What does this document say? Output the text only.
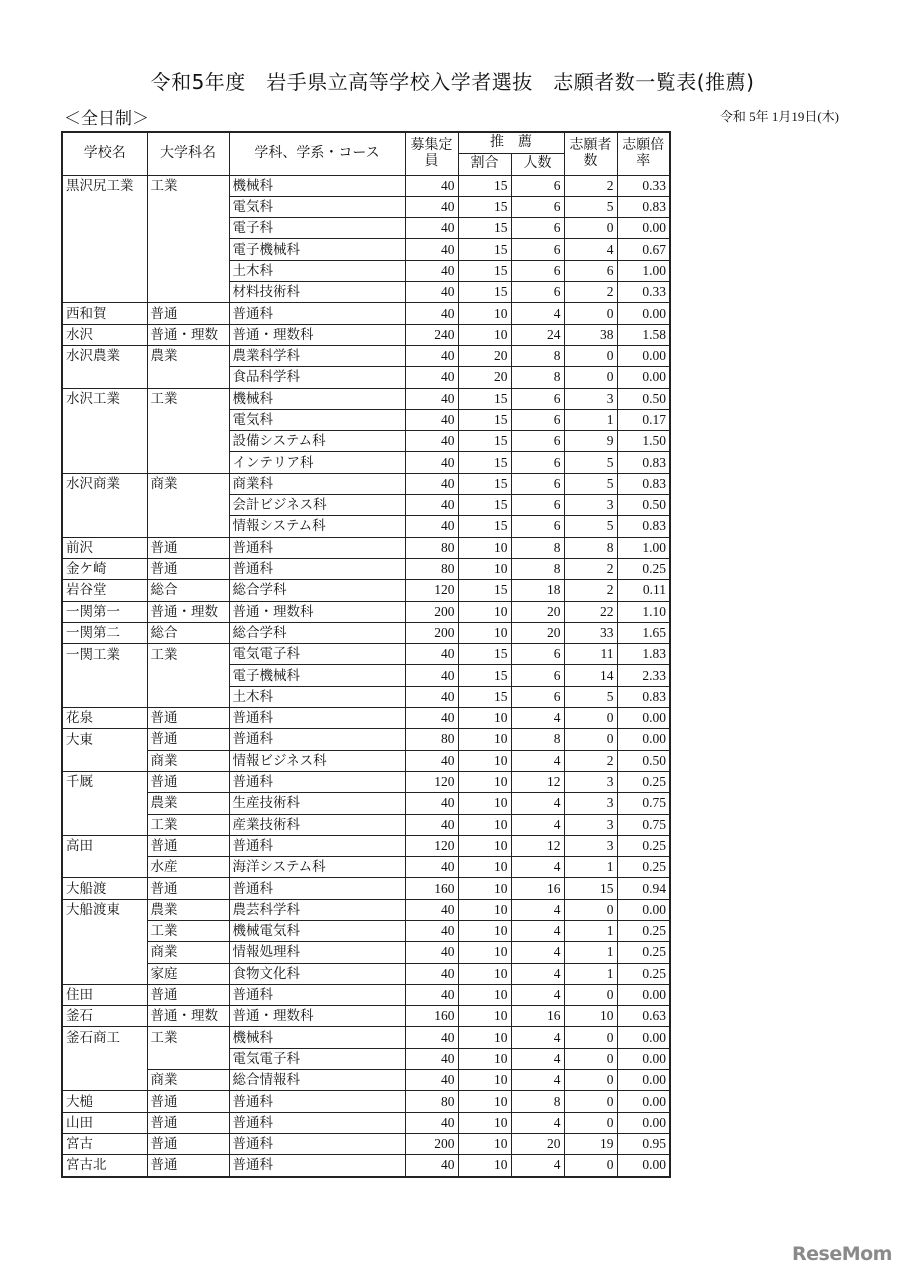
令和5年度　岩手県立高等学校入学者選抜　志願者数一覧表(推薦)
＜全日制＞	令和 5年 1月19日(木)
学校名	大学科名	学科、学系・コース	募集定員	推　薦		志願者数	志願倍率
				割合	人数		
黒沢尻工業	工業	機械科	40	15	6	2	0.33
		電気科	40	15	6	5	0.83
		電子科	40	15	6	0	0.00
		電子機械科	40	15	6	4	0.67
		土木科	40	15	6	6	1.00
		材料技術科	40	15	6	2	0.33
西和賀	普通	普通科	40	10	4	0	0.00
水沢	普通・理数	普通・理数科	240	10	24	38	1.58
水沢農業	農業	農業科学科	40	20	8	0	0.00
		食品科学科	40	20	8	0	0.00
水沢工業	工業	機械科	40	15	6	3	0.50
		電気科	40	15	6	1	0.17
		設備システム科	40	15	6	9	1.50
		インテリア科	40	15	6	5	0.83
水沢商業	商業	商業科	40	15	6	5	0.83
		会計ビジネス科	40	15	6	3	0.50
		情報システム科	40	15	6	5	0.83
前沢	普通	普通科	80	10	8	8	1.00
金ケ崎	普通	普通科	80	10	8	2	0.25
岩谷堂	総合	総合学科	120	15	18	2	0.11
一関第一	普通・理数	普通・理数科	200	10	20	22	1.10
一関第二	総合	総合学科	200	10	20	33	1.65
一関工業	工業	電気電子科	40	15	6	11	1.83
		電子機械科	40	15	6	14	2.33
		土木科	40	15	6	5	0.83
花泉	普通	普通科	40	10	4	0	0.00
大東	普通	普通科	80	10	8	0	0.00
	商業	情報ビジネス科	40	10	4	2	0.50
千厩	普通	普通科	120	10	12	3	0.25
	農業	生産技術科	40	10	4	3	0.75
	工業	産業技術科	40	10	4	3	0.75
高田	普通	普通科	120	10	12	3	0.25
	水産	海洋システム科	40	10	4	1	0.25
大船渡	普通	普通科	160	10	16	15	0.94
大船渡東	農業	農芸科学科	40	10	4	0	0.00
	工業	機械電気科	40	10	4	1	0.25
	商業	情報処理科	40	10	4	1	0.25
	家庭	食物文化科	40	10	4	1	0.25
住田	普通	普通科	40	10	4	0	0.00
釜石	普通・理数	普通・理数科	160	10	16	10	0.63
釜石商工	工業	機械科	40	10	4	0	0.00
		電気電子科	40	10	4	0	0.00
	商業	総合情報科	40	10	4	0	0.00
大槌	普通	普通科	80	10	8	0	0.00
山田	普通	普通科	40	10	4	0	0.00
宮古	普通	普通科	200	10	20	19	0.95
宮古北	普通	普通科	40	10	4	0	0.00
ReseMom
